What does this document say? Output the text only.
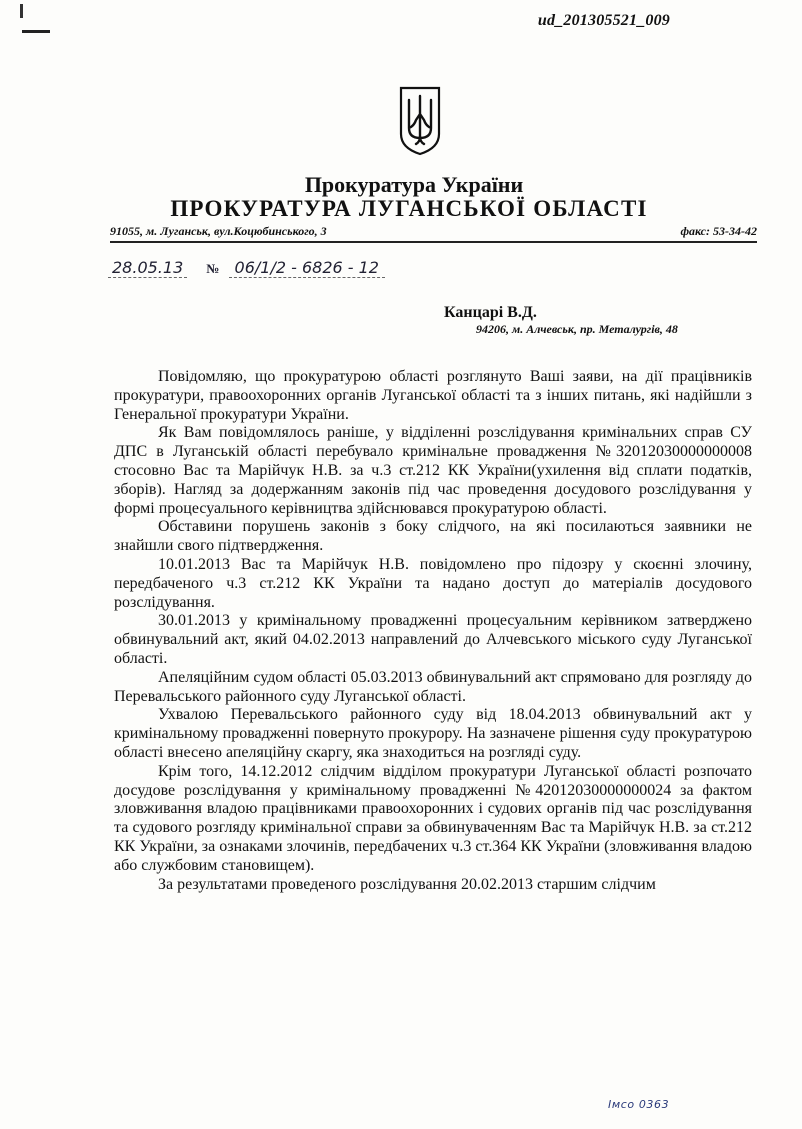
ud_201305521_009
Прокуратура України
ПРОКУРАТУРА ЛУГАНСЬКОЇ ОБЛАСТІ
91055, м. Луганськ, вул.Коцюбинського, 3	факс: 53-34-42
28.05.13 № 06/1/2 - 6826 - 12
Канцарі В.Д.
94206, м. Алчевськ, пр. Металургів, 48

Повідомляю, що прокуратурою області розглянуто Ваші заяви, на дії працівників прокуратури, правоохоронних органів Луганської області та з інших питань, які надійшли з Генеральної прокуратури України.

Як Вам повідомлялось раніше, у відділенні розслідування кримінальних справ СУ ДПС в Луганській області перебувало кримінальне провадження №32012030000000008 стосовно Вас та Марійчук Н.В. за ч.3 ст.212 КК України(ухилення від сплати податків, зборів). Нагляд за додержанням законів під час проведення досудового розслідування у формі процесуального керівництва здійснювався прокуратурою області.

Обставини порушень законів з боку слідчого, на які посилаються заявники не знайшли свого підтвердження.

10.01.2013 Вас та Марійчук Н.В. повідомлено про підозру у скоєнні злочину, передбаченого ч.3 ст.212 КК України та надано доступ до матеріалів досудового розслідування.

30.01.2013 у кримінальному провадженні процесуальним керівником затверджено обвинувальний акт, який 04.02.2013 направлений до Алчевського міського суду Луганської області.

Апеляційним судом області 05.03.2013 обвинувальний акт спрямовано для розгляду до Перевальського районного суду Луганської області.

Ухвалою Перевальського районного суду від 18.04.2013 обвинувальний акт у кримінальному провадженні повернуто прокурору. На зазначене рішення суду прокуратурою області внесено апеляційну скаргу, яка знаходиться на розгляді суду.

Крім того, 14.12.2012 слідчим відділом прокуратури Луганської області розпочато досудове розслідування у кримінальному провадженні №42012030000000024 за фактом зловживання владою працівниками правоохоронних і судових органів під час розслідування та судового розгляду кримінальної справи за обвинуваченням Вас та Марійчук Н.В. за ст.212 КК України, за ознаками злочинів, передбачених ч.3 ст.364 КК України (зловживання владою або службовим становищем).

За результатами проведеного розслідування 20.02.2013 старшим слідчим

Імсо 0363
